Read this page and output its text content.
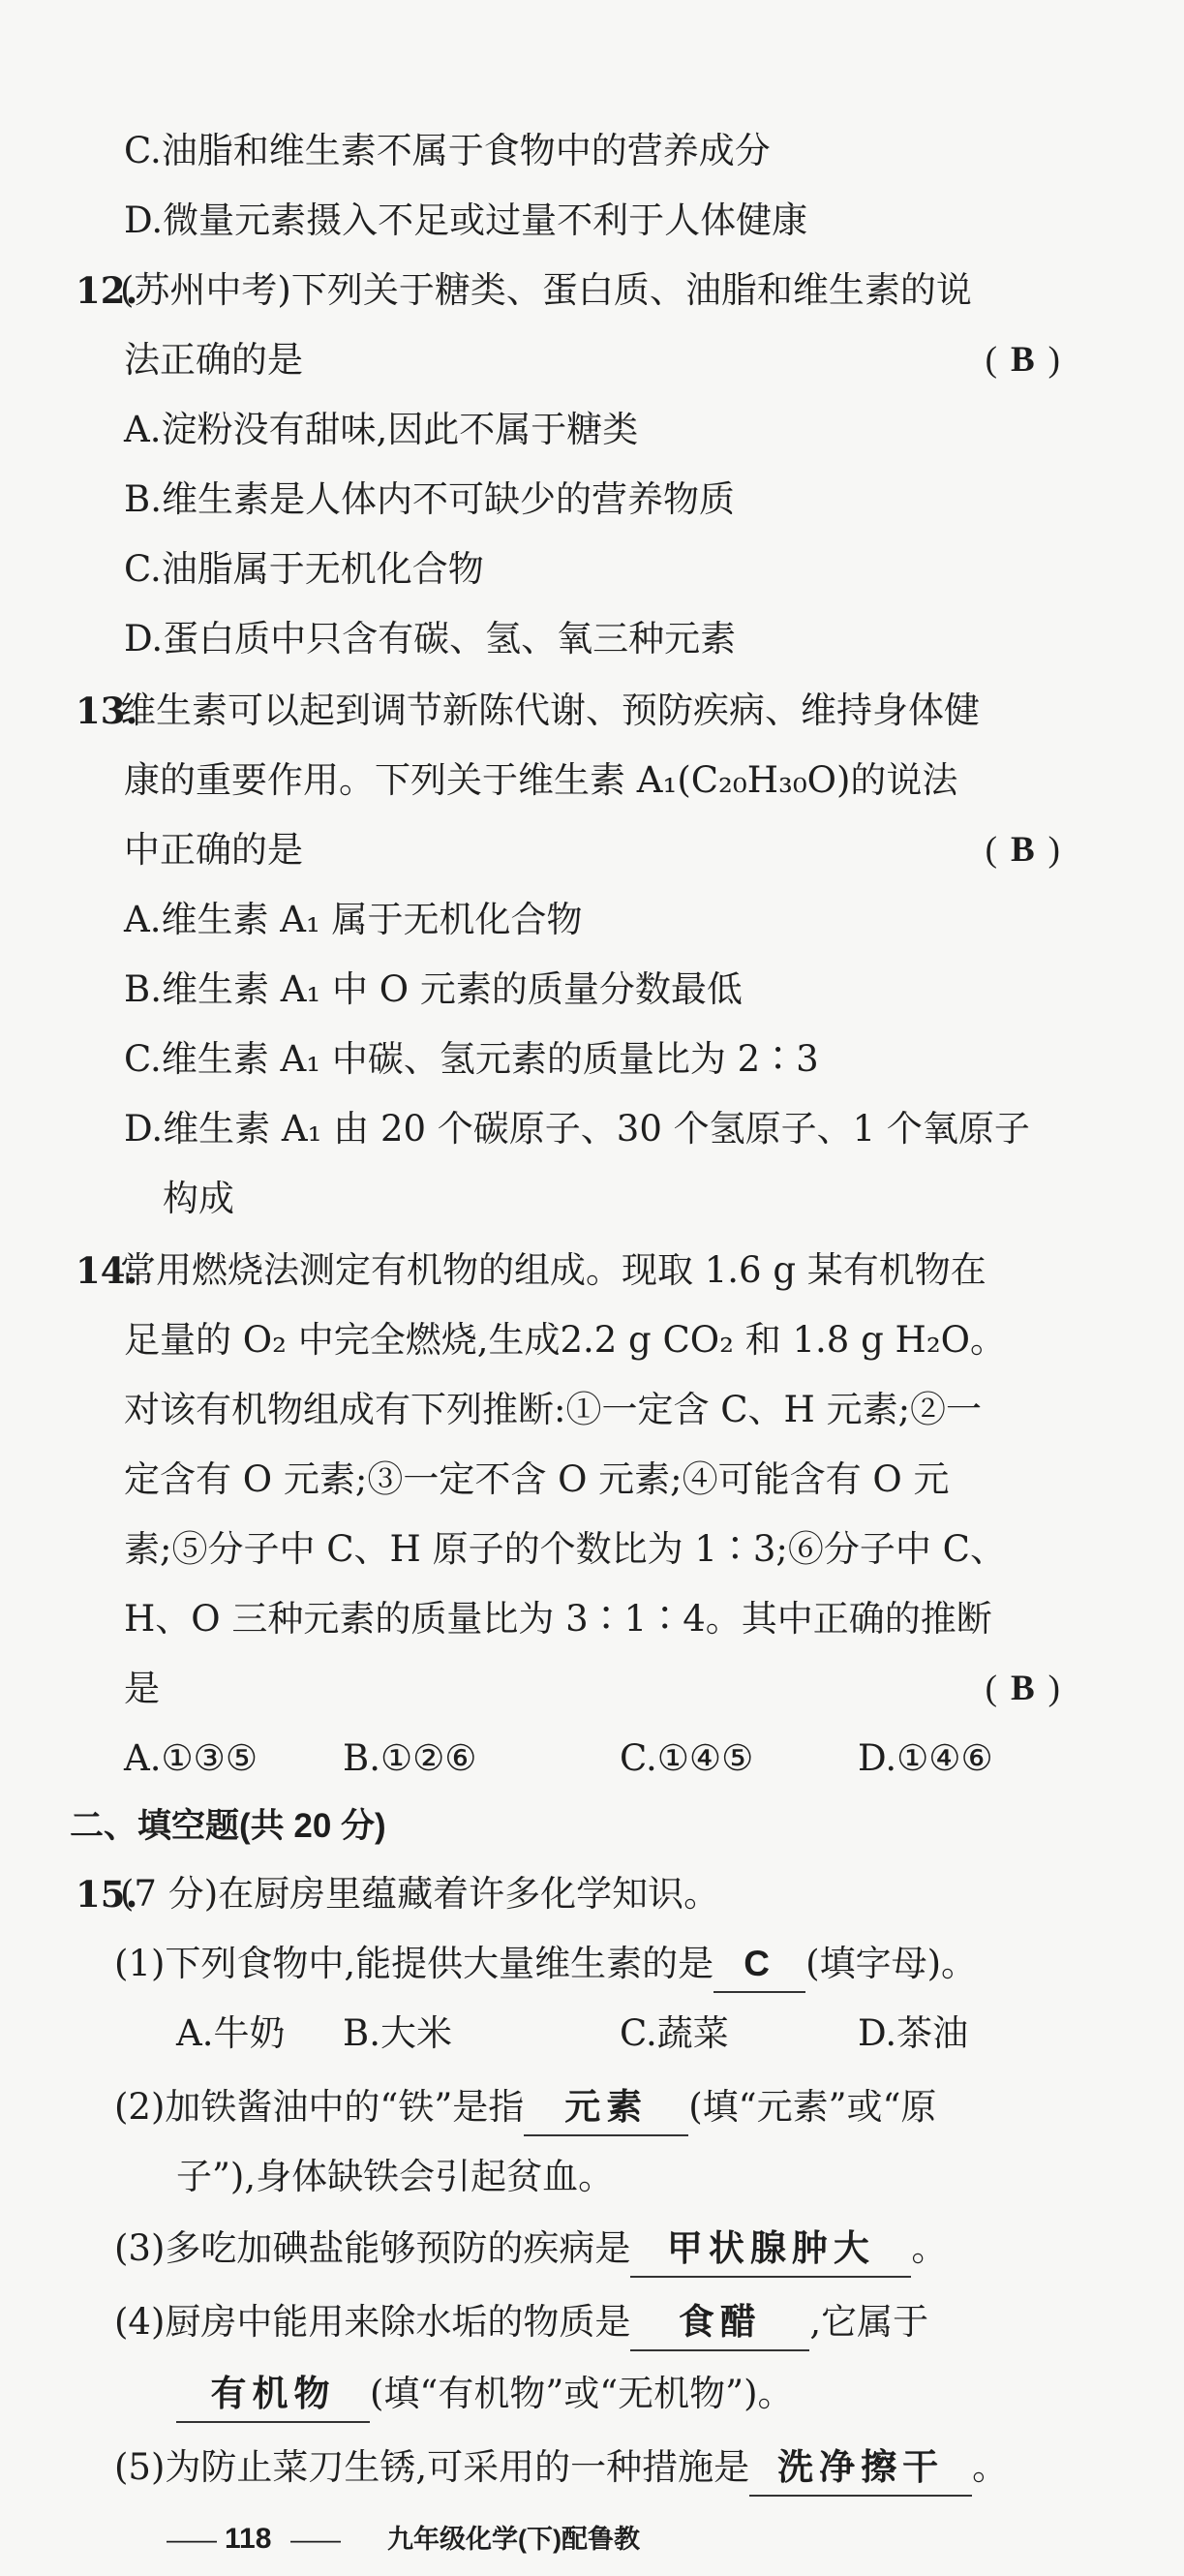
C.油脂和维生素不属于食物中的营养成分
D.微量元素摄入不足或过量不利于人体健康
12.
(苏州中考)下列关于糖类、蛋白质、油脂和维生素的说
法正确的是	( B )
A.淀粉没有甜味,因此不属于糖类
B.维生素是人体内不可缺少的营养物质
C.油脂属于无机化合物
D.蛋白质中只含有碳、氢、氧三种元素
13.
维生素可以起到调节新陈代谢、预防疾病、维持身体健
康的重要作用。下列关于维生素 A₁(C₂₀H₃₀O)的说法
中正确的是	( B )
A.维生素 A₁ 属于无机化合物
B.维生素 A₁ 中 O 元素的质量分数最低
C.维生素 A₁ 中碳、氢元素的质量比为 2∶3
D.维生素 A₁ 由 20 个碳原子、30 个氢原子、1 个氧原子
构成
14.
常用燃烧法测定有机物的组成。现取 1.6 g 某有机物在
足量的 O₂ 中完全燃烧,生成2.2 g CO₂ 和 1.8 g H₂O。
对该有机物组成有下列推断:①一定含 C、H 元素;②一
定含有 O 元素;③一定不含 O 元素;④可能含有 O 元
素;⑤分子中 C、H 原子的个数比为 1∶3;⑥分子中 C、
H、O 三种元素的质量比为 3∶1∶4。其中正确的推断
是	( B )
A.①③⑤ B.①②⑥	C.①④⑤	D.①④⑥
二、填空题(共 20 分)
15.
(7 分)在厨房里蕴藏着许多化学知识。
(1)下列食物中,能提供大量维生素的是 C (填字母)。
A.牛奶 B.大米	C.蔬菜	D.茶油
(2)加铁酱油中的“铁”是指 元素 (填“元素”或“原
子”),身体缺铁会引起贫血。
(3)多吃加碘盐能够预防的疾病是 甲状腺肿大 。
(4)厨房中能用来除水垢的物质是 食醋 ,它属于
有机物 (填“有机物”或“无机物”)。
(5)为防止菜刀生锈,可采用的一种措施是 洗净擦干 。
—— 118 —— 九年级化学(下)配鲁教
